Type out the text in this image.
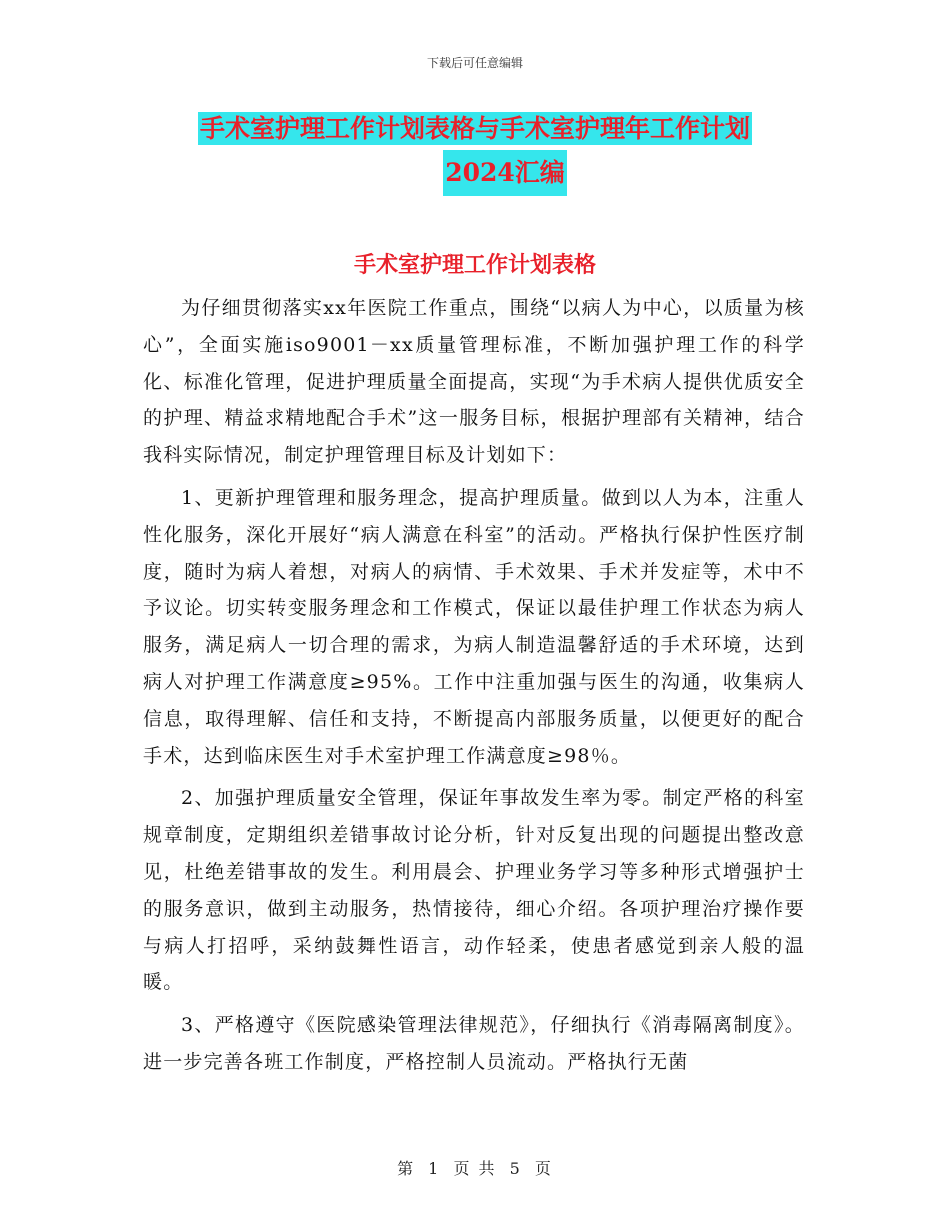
下载后可任意编辑
手术室护理工作计划表格与手术室护理年工作计划
2024汇编
手术室护理工作计划表格

为仔细贯彻落实xx年医院工作重点，围绕“以病人为中心，以质量为核心”，全面实施iso9001－xx质量管理标准，不断加强护理工作的科学化、标准化管理，促进护理质量全面提高，实现“为手术病人提供优质安全的护理、精益求精地配合手术”这一服务目标，根据护理部有关精神，结合我科实际情况，制定护理管理目标及计划如下：

1、更新护理管理和服务理念，提高护理质量。做到以人为本，注重人性化服务，深化开展好“病人满意在科室”的活动。严格执行保护性医疗制度，随时为病人着想，对病人的病情、手术效果、手术并发症等，术中不予议论。切实转变服务理念和工作模式，保证以最佳护理工作状态为病人服务，满足病人一切合理的需求，为病人制造温馨舒适的手术环境，达到病人对护理工作满意度≥95%。工作中注重加强与医生的沟通，收集病人信息，取得理解、信任和支持，不断提高内部服务质量，以便更好的配合手术，达到临床医生对手术室护理工作满意度≥98％。

2、加强护理质量安全管理，保证年事故发生率为零。制定严格的科室规章制度，定期组织差错事故讨论分析，针对反复出现的问题提出整改意见，杜绝差错事故的发生。利用晨会、护理业务学习等多种形式增强护士的服务意识，做到主动服务，热情接待，细心介绍。各项护理治疗操作要与病人打招呼，采纳鼓舞性语言，动作轻柔，使患者感觉到亲人般的温暖。

3、严格遵守《医院感染管理法律规范》，仔细执行《消毒隔离制度》。进一步完善各班工作制度，严格控制人员流动。严格执行无菌

第 1 页 共 5 页
